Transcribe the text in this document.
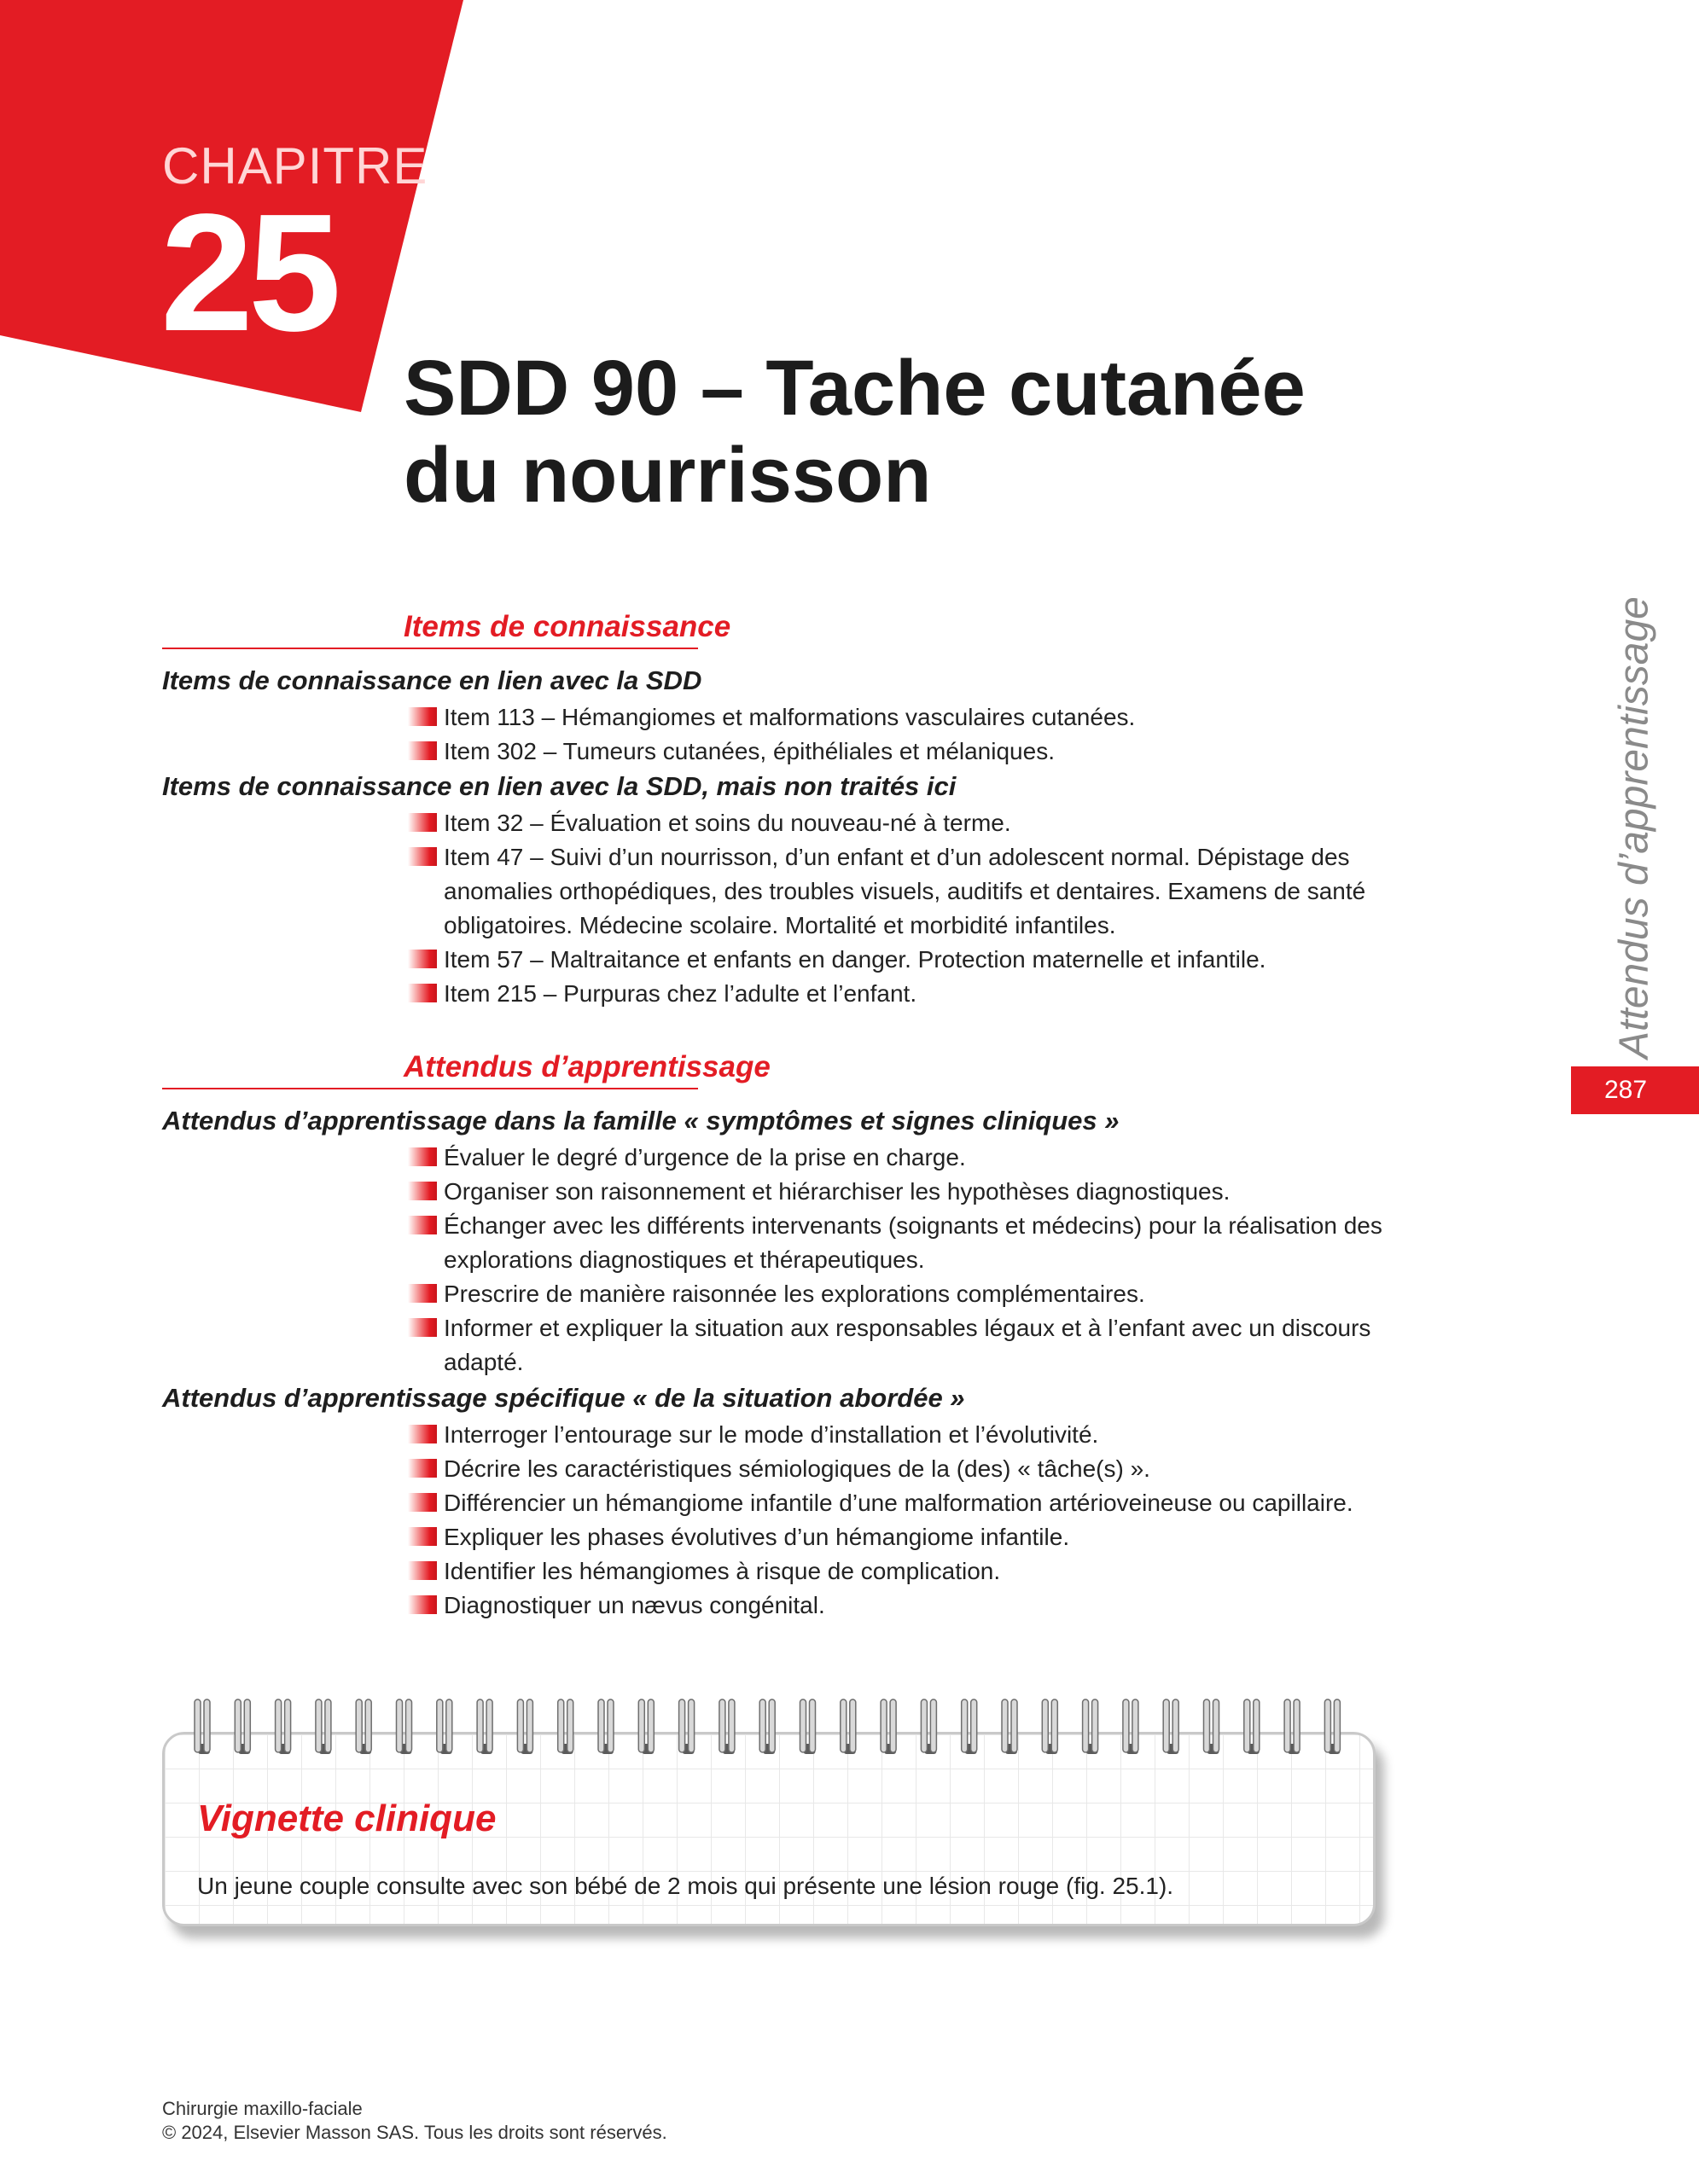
CHAPITRE
25
SDD 90 – Tache cutanée
du nourrisson
Items de connaissance
Items de connaissance en lien avec la SDD
Item 113 – Hémangiomes et malformations vasculaires cutanées.
Item 302 – Tumeurs cutanées, épithéliales et mélaniques.
Items de connaissance en lien avec la SDD, mais non traités ici
Item 32 – Évaluation et soins du nouveau-né à terme.
Item 47 – Suivi d’un nourrisson, d’un enfant et d’un adolescent normal. Dépistage des anomalies orthopédiques, des troubles visuels, auditifs et dentaires. Examens de santé obligatoires. Médecine scolaire. Mortalité et morbidité infantiles.
Item 57 – Maltraitance et enfants en danger. Protection maternelle et infantile.
Item 215 – Purpuras chez l’adulte et l’enfant.
Attendus d’apprentissage
Attendus d’apprentissage dans la famille « symptômes et signes cliniques »
Évaluer le degré d’urgence de la prise en charge.
Organiser son raisonnement et hiérarchiser les hypothèses diagnostiques.
Échanger avec les différents intervenants (soignants et médecins) pour la réalisation des explorations diagnostiques et thérapeutiques.
Prescrire de manière raisonnée les explorations complémentaires.
Informer et expliquer la situation aux responsables légaux et à l’enfant avec un discours adapté.
Attendus d’apprentissage spécifique « de la situation abordée »
Interroger l’entourage sur le mode d’installation et l’évolutivité.
Décrire les caractéristiques sémiologiques de la (des) « tâche(s) ».
Différencier un hémangiome infantile d’une malformation artérioveineuse ou capillaire.
Expliquer les phases évolutives d’un hémangiome infantile.
Identifier les hémangiomes à risque de complication.
Diagnostiquer un nævus congénital.
Attendus d’apprentissage
287
Vignette clinique
Un jeune couple consulte avec son bébé de 2 mois qui présente une lésion rouge (fig. 25.1).
Chirurgie maxillo-faciale
© 2024, Elsevier Masson SAS. Tous les droits sont réservés.
